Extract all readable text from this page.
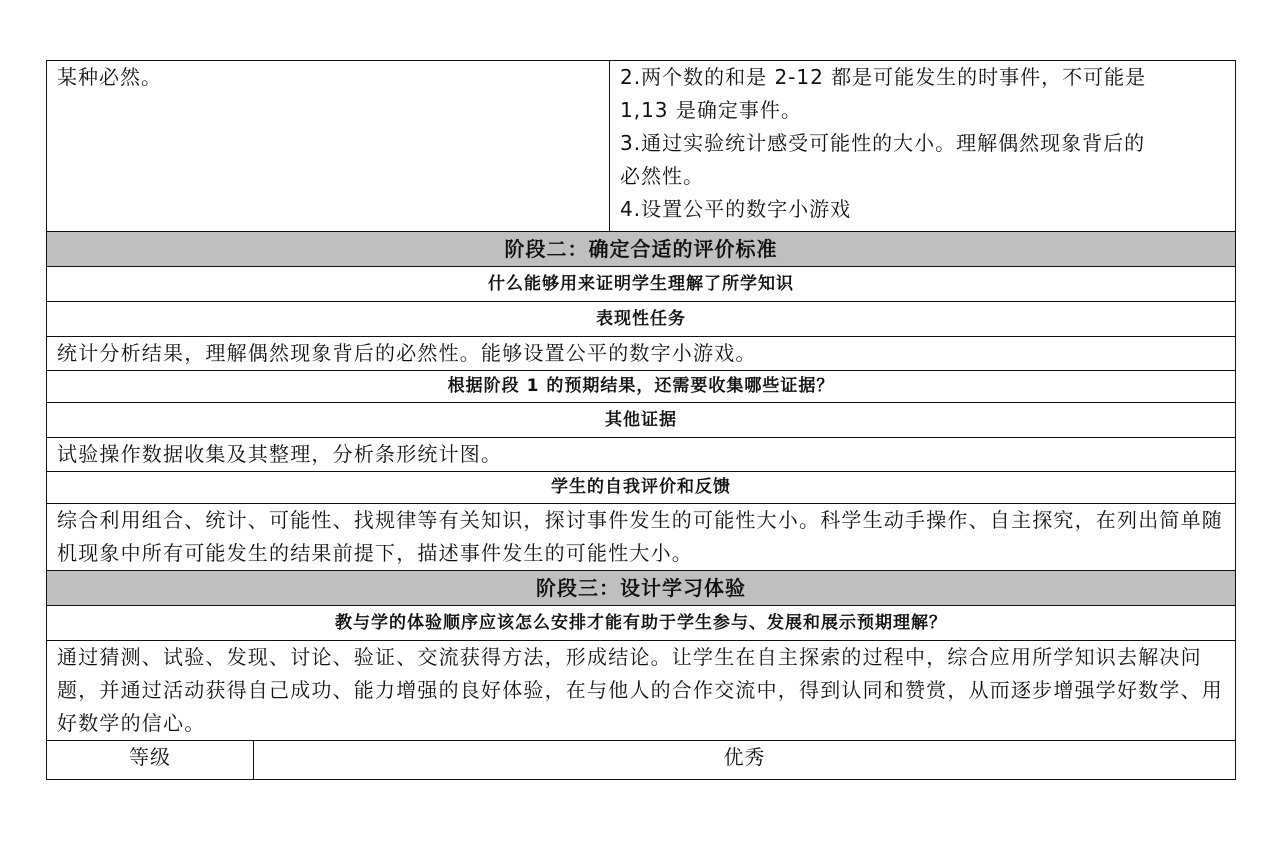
某种必然。		2.两个数的和是 2-12 都是可能发生的时事件，不可能是
1,13 是确定事件。
3.通过实验统计感受可能性的大小。理解偶然现象背后的
必然性。
4.设置公平的数字小游戏

阶段二：确定合适的评价标准		
什么能够用来证明学生理解了所学知识		
表现性任务		
统计分析结果，理解偶然现象背后的必然性。能够设置公平的数字小游戏。		
根据阶段 1 的预期结果，还需要收集哪些证据？		
其他证据		
试验操作数据收集及其整理，分析条形统计图。		
学生的自我评价和反馈		
综合利用组合、统计、可能性、找规律等有关知识，探讨事件发生的可能性大小。科学生动手操作、自主探究，在列出简单随机现象中所有可能发生的结果前提下，描述事件发生的可能性大小。		
阶段三：设计学习体验		
教与学的体验顺序应该怎么安排才能有助于学生参与、发展和展示预期理解？		
通过猜测、试验、发现、讨论、验证、交流获得方法，形成结论。让学生在自主探索的过程中，综合应用所学知识去解决问题，并通过活动获得自己成功、能力增强的良好体验，在与他人的合作交流中，得到认同和赞赏，从而逐步增强学好数学、用好数学的信心。		
等级	优秀	
